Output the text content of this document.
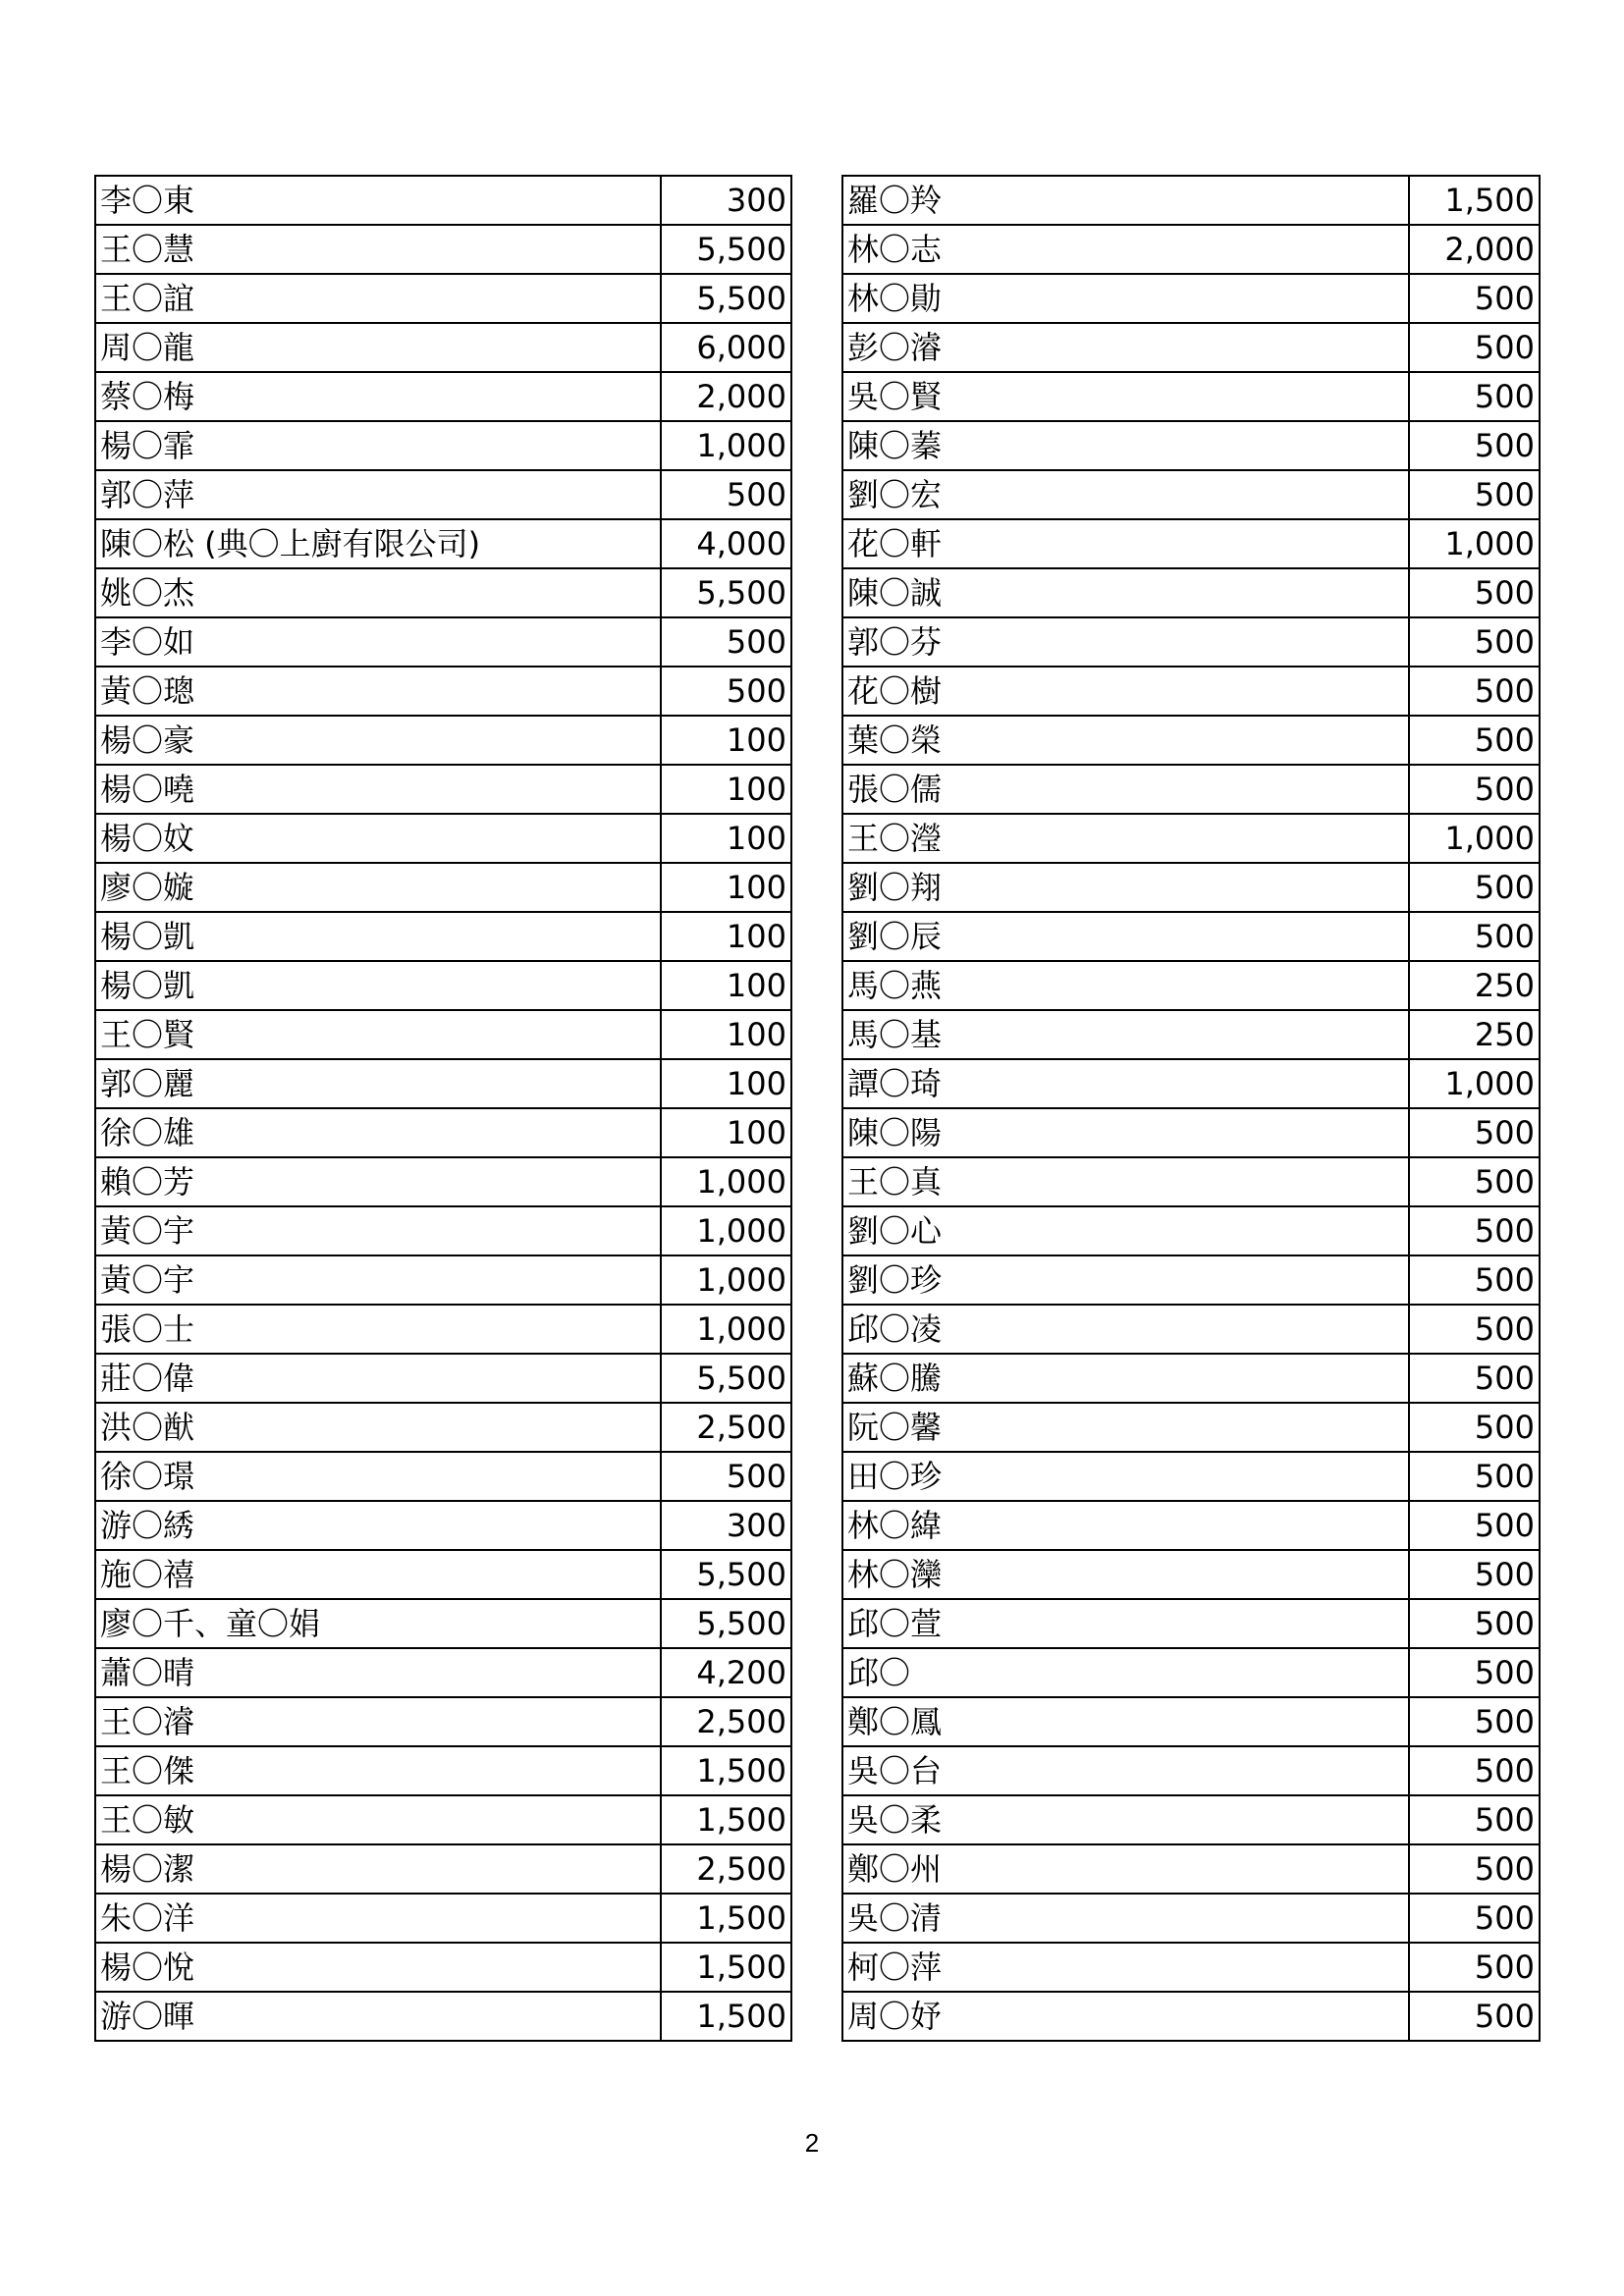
李〇東	300
王〇慧	5,500
王〇誼	5,500
周〇龍	6,000
蔡〇梅	2,000
楊〇霏	1,000
郭〇萍	500
陳〇松 (典〇上廚有限公司)	4,000
姚〇杰	5,500
李〇如	500
黃〇璁	500
楊〇豪	100
楊〇嘵	100
楊〇妏	100
廖〇嫙	100
楊〇凱	100
楊〇凱	100
王〇賢	100
郭〇麗	100
徐〇雄	100
賴〇芳	1,000
黃〇宇	1,000
黃〇宇	1,000
張〇士	1,000
莊〇偉	5,500
洪〇猷	2,500
徐〇璟	500
游〇綉	300
施〇禧	5,500
廖〇千、童〇娟	5,500
蕭〇晴	4,200
王〇濬	2,500
王〇傑	1,500
王〇敏	1,500
楊〇潔	2,500
朱〇洋	1,500
楊〇悅	1,500
游〇暉	1,500
羅〇羚	1,500
林〇志	2,000
林〇勛	500
彭〇濬	500
吳〇賢	500
陳〇蓁	500
劉〇宏	500
花〇軒	1,000
陳〇誠	500
郭〇芬	500
花〇樹	500
葉〇榮	500
張〇儒	500
王〇瀅	1,000
劉〇翔	500
劉〇辰	500
馬〇燕	250
馬〇基	250
譚〇琦	1,000
陳〇陽	500
王〇真	500
劉〇心	500
劉〇珍	500
邱〇凌	500
蘇〇騰	500
阮〇馨	500
田〇珍	500
林〇緯	500
林〇灤	500
邱〇萱	500
邱〇	500
鄭〇鳳	500
吳〇台	500
吳〇柔	500
鄭〇州	500
吳〇清	500
柯〇萍	500
周〇妤	500
2
